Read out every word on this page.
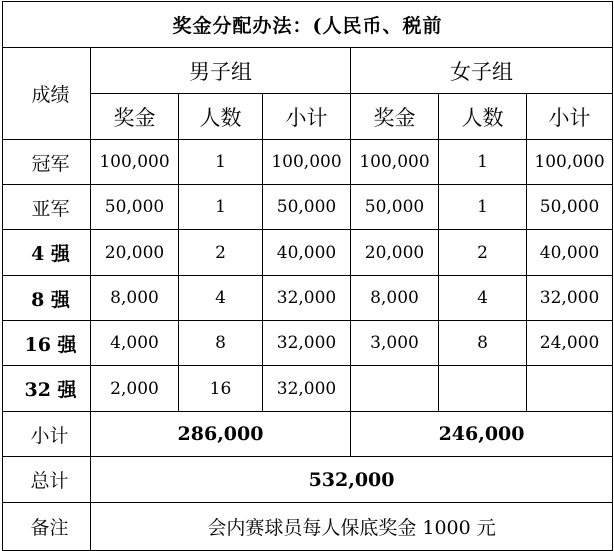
奖金分配办法：(人民币、税前						
成绩	男子组			女子组		
	奖金	人数	小计	奖金	人数	小计
冠军	100,000	1	100,000	100,000	1	100,000
亚军	50,000	1	50,000	50,000	1	50,000
4 强	20,000	2	40,000	20,000	2	40,000
8 强	8,000	4	32,000	8,000	4	32,000
16 强	4,000	8	32,000	3,000	8	24,000
32 强	2,000	16	32,000			
小计	286,000			246,000		
总计	532,000					
备注	会内赛球员每人保底奖金 1000 元					
